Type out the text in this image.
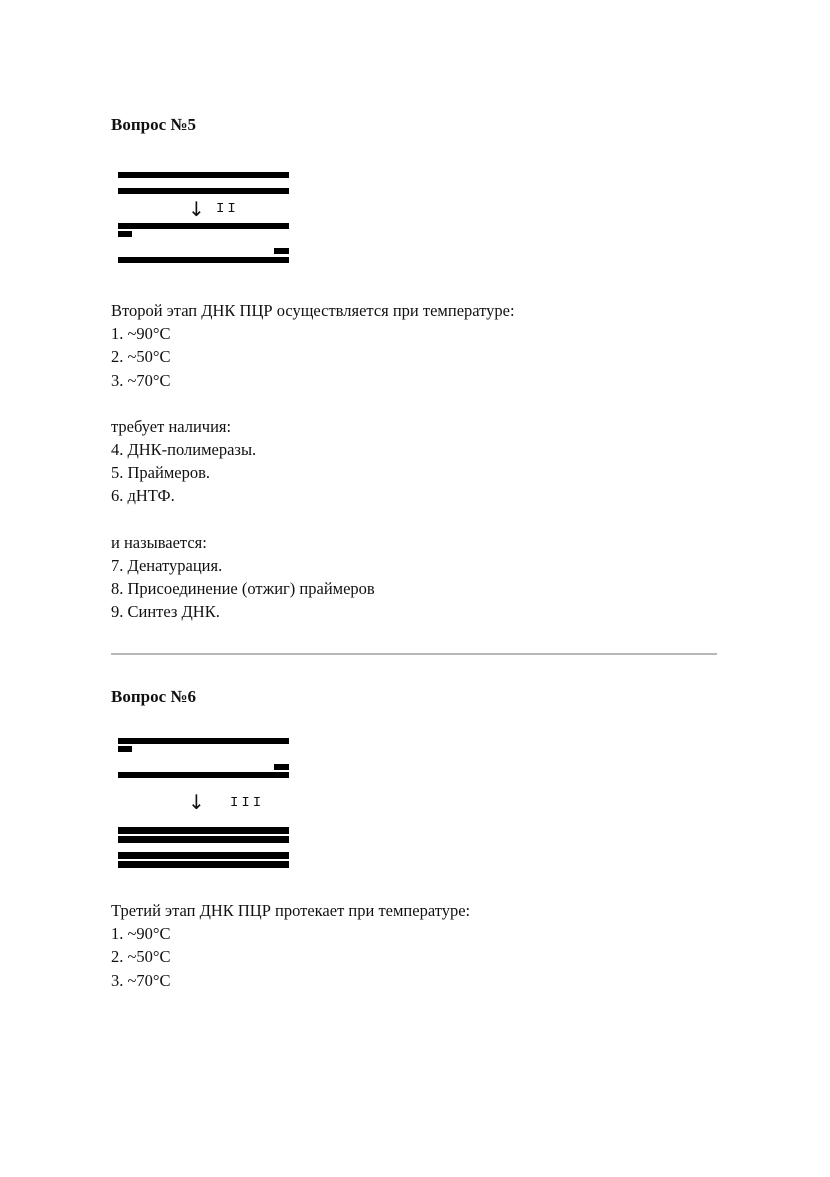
Вопрос №5
↓ II

Второй этап ДНК ПЦР осуществляется при температуре:

1. ~90°C

2. ~50°C

3. ~70°C

требует наличия:

4. ДНК-полимеразы.

5. Праймеров.

6. дНТФ.

и называется:

7. Денатурация.

8. Присоединение (отжиг) праймеров

9. Синтез ДНК.

Вопрос №6
↓ III

Третий этап ДНК ПЦР протекает при температуре:

1. ~90°C

2. ~50°C

3. ~70°C
